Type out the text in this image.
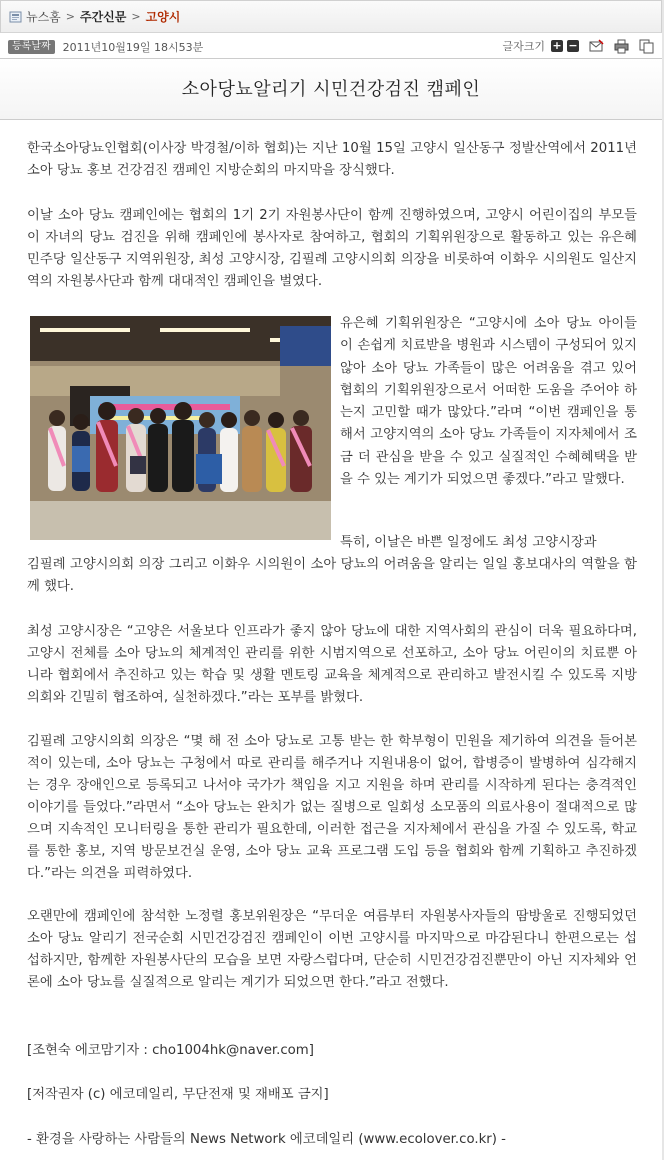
뉴스홈 > 주간신문 > 고양시
등록날짜	2011년10월19일 18시53분	글자크기 + −
소아당뇨알리기 시민건강검진 캠페인

한국소아당뇨인협회(이사장 박경철/이하 협회)는 지난 10월 15일 고양시 일산동구 정발산역에서 2011년 소아 당뇨 홍보 건강검진 캠페인 지방순회의 마지막을 장식했다.

이날 소아 당뇨 캠페인에는 협회의 1기 2기 자원봉사단이 함께 진행하였으며, 고양시 어린이집의 부모들이 자녀의 당뇨 검진을 위해 캠페인에 봉사자로 참여하고, 협회의 기획위원장으로 활동하고 있는 유은혜 민주당 일산동구 지역위원장, 최성 고양시장, 김필례 고양시의회 의장을 비롯하여 이화우 시의원도 일산지역의 자원봉사단과 함께 대대적인 캠페인을 벌였다.

유은혜 기획위원장은 “고양시에 소아 당뇨 아이들이 손쉽게 치료받을 병원과 시스템이 구성되어 있지 않아 소아 당뇨 가족들이 많은 어려움을 겪고 있어 협회의 기획위원장으로서 어떠한 도움을 주어야 하는지 고민할 때가 많았다.”라며 “이번 캠페인을 통해서 고양지역의 소아 당뇨 가족들이 지자체에서 조금 더 관심을 받을 수 있고 실질적인 수혜혜택을 받을 수 있는 계기가 되었으면 좋겠다.”라고 말했다.

특히, 이날은 바쁜 일정에도 최성 고양시장과

김필례 고양시의회 의장 그리고 이화우 시의원이 소아 당뇨의 어려움을 알리는 일일 홍보대사의 역할을 함께 했다.

최성 고양시장은 “고양은 서울보다 인프라가 좋지 않아 당뇨에 대한 지역사회의 관심이 더욱 필요하다며, 고양시 전체를 소아 당뇨의 체계적인 관리를 위한 시범지역으로 선포하고, 소아 당뇨 어린이의 치료뿐 아니라 협회에서 추진하고 있는 학습 및 생활 멘토링 교육을 체계적으로 관리하고 발전시킬 수 있도록 지방의회와 긴밀히 협조하여, 실천하겠다.”라는 포부를 밝혔다.

김필례 고양시의회 의장은 “몇 해 전 소아 당뇨로 고통 받는 한 학부형이 민원을 제기하여 의견을 들어본 적이 있는데, 소아 당뇨는 구청에서 따로 관리를 해주거나 지원내용이 없어, 합병증이 발병하여 심각해지는 경우 장애인으로 등록되고 나서야 국가가 책임을 지고 지원을 하며 관리를 시작하게 된다는 충격적인 이야기를 들었다.”라면서 “소아 당뇨는 완치가 없는 질병으로 일회성 소모품의 의료사용이 절대적으로 많으며 지속적인 모니터링을 통한 관리가 필요한데, 이러한 접근을 지자체에서 관심을 가질 수 있도록, 학교를 통한 홍보, 지역 방문보건실 운영, 소아 당뇨 교육 프로그램 도입 등을 협회와 함께 기획하고 추진하겠다.”라는 의견을 피력하였다.

오랜만에 캠페인에 참석한 노정렬 홍보위원장은 “무더운 여름부터 자원봉사자들의 땀방울로 진행되었던 소아 당뇨 알리기 전국순회 시민건강검진 캠페인이 이번 고양시를 마지막으로 마감된다니 한편으로는 섭섭하지만, 함께한 자원봉사단의 모습을 보면 자랑스럽다며, 단순히 시민건강검진뿐만이 아닌 지자체와 언론에 소아 당뇨를 실질적으로 알리는 계기가 되었으면 한다.”라고 전했다.

[조현숙 에코맘기자 : cho1004hk@naver.com]

[저작권자 (c) 에코데일리, 무단전재 및 재배포 금지]

- 환경을 사랑하는 사람들의 News Network 에코데일리 (www.ecolover.co.kr) -
